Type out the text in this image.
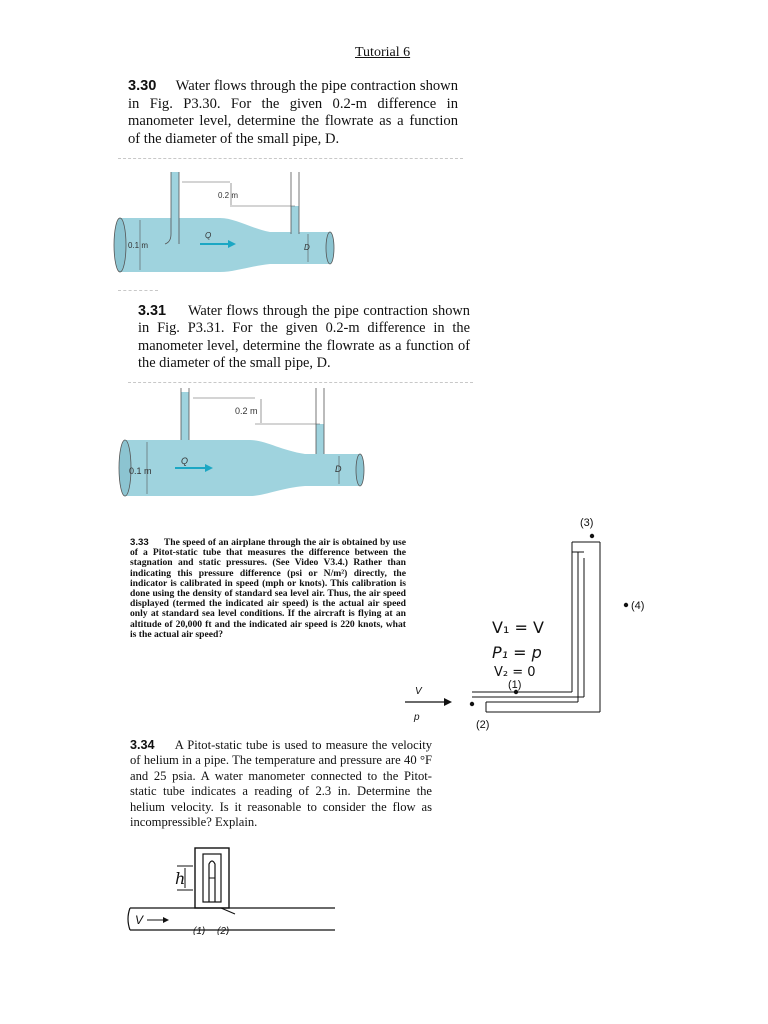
Tutorial 6
3.30 Water flows through the pipe contraction shown in Fig. P3.30. For the given 0.2-m difference in manometer level, determine the flowrate as a function of the diameter of the small pipe, D.
0.2 m
0.1 m
Q
D
3.31 Water flows through the pipe contraction shown in Fig. P3.31. For the given 0.2-m difference in the manometer level, determine the flowrate as a function of the diameter of the small pipe, D.
0.2 m
0.1 m
Q
D
3.33 The speed of an airplane through the air is obtained by use of a Pitot-static tube that measures the difference between the stagnation and static pressures. (See Video V3.4.) Rather than indicating this pressure difference (psi or N/m²) directly, the indicator is calibrated in speed (mph or knots). This calibration is done using the density of standard sea level air. Thus, the air speed displayed (termed the indicated air speed) is the actual air speed only at standard sea level conditions. If the aircraft is flying at an altitude of 20,000 ft and the indicated air speed is 220 knots, what is the actual air speed?
(3)
(1)
(2)
(4)
V₁ = V
P₁ = p
V₂ = 0
V
p
3.34 A Pitot-static tube is used to measure the velocity of helium in a pipe. The temperature and pressure are 40 °F and 25 psia. A water manometer connected to the Pitot-static tube indicates a reading of 2.3 in. Determine the helium velocity. Is it reasonable to consider the flow as incompressible? Explain.
V
h
(1) (2)
